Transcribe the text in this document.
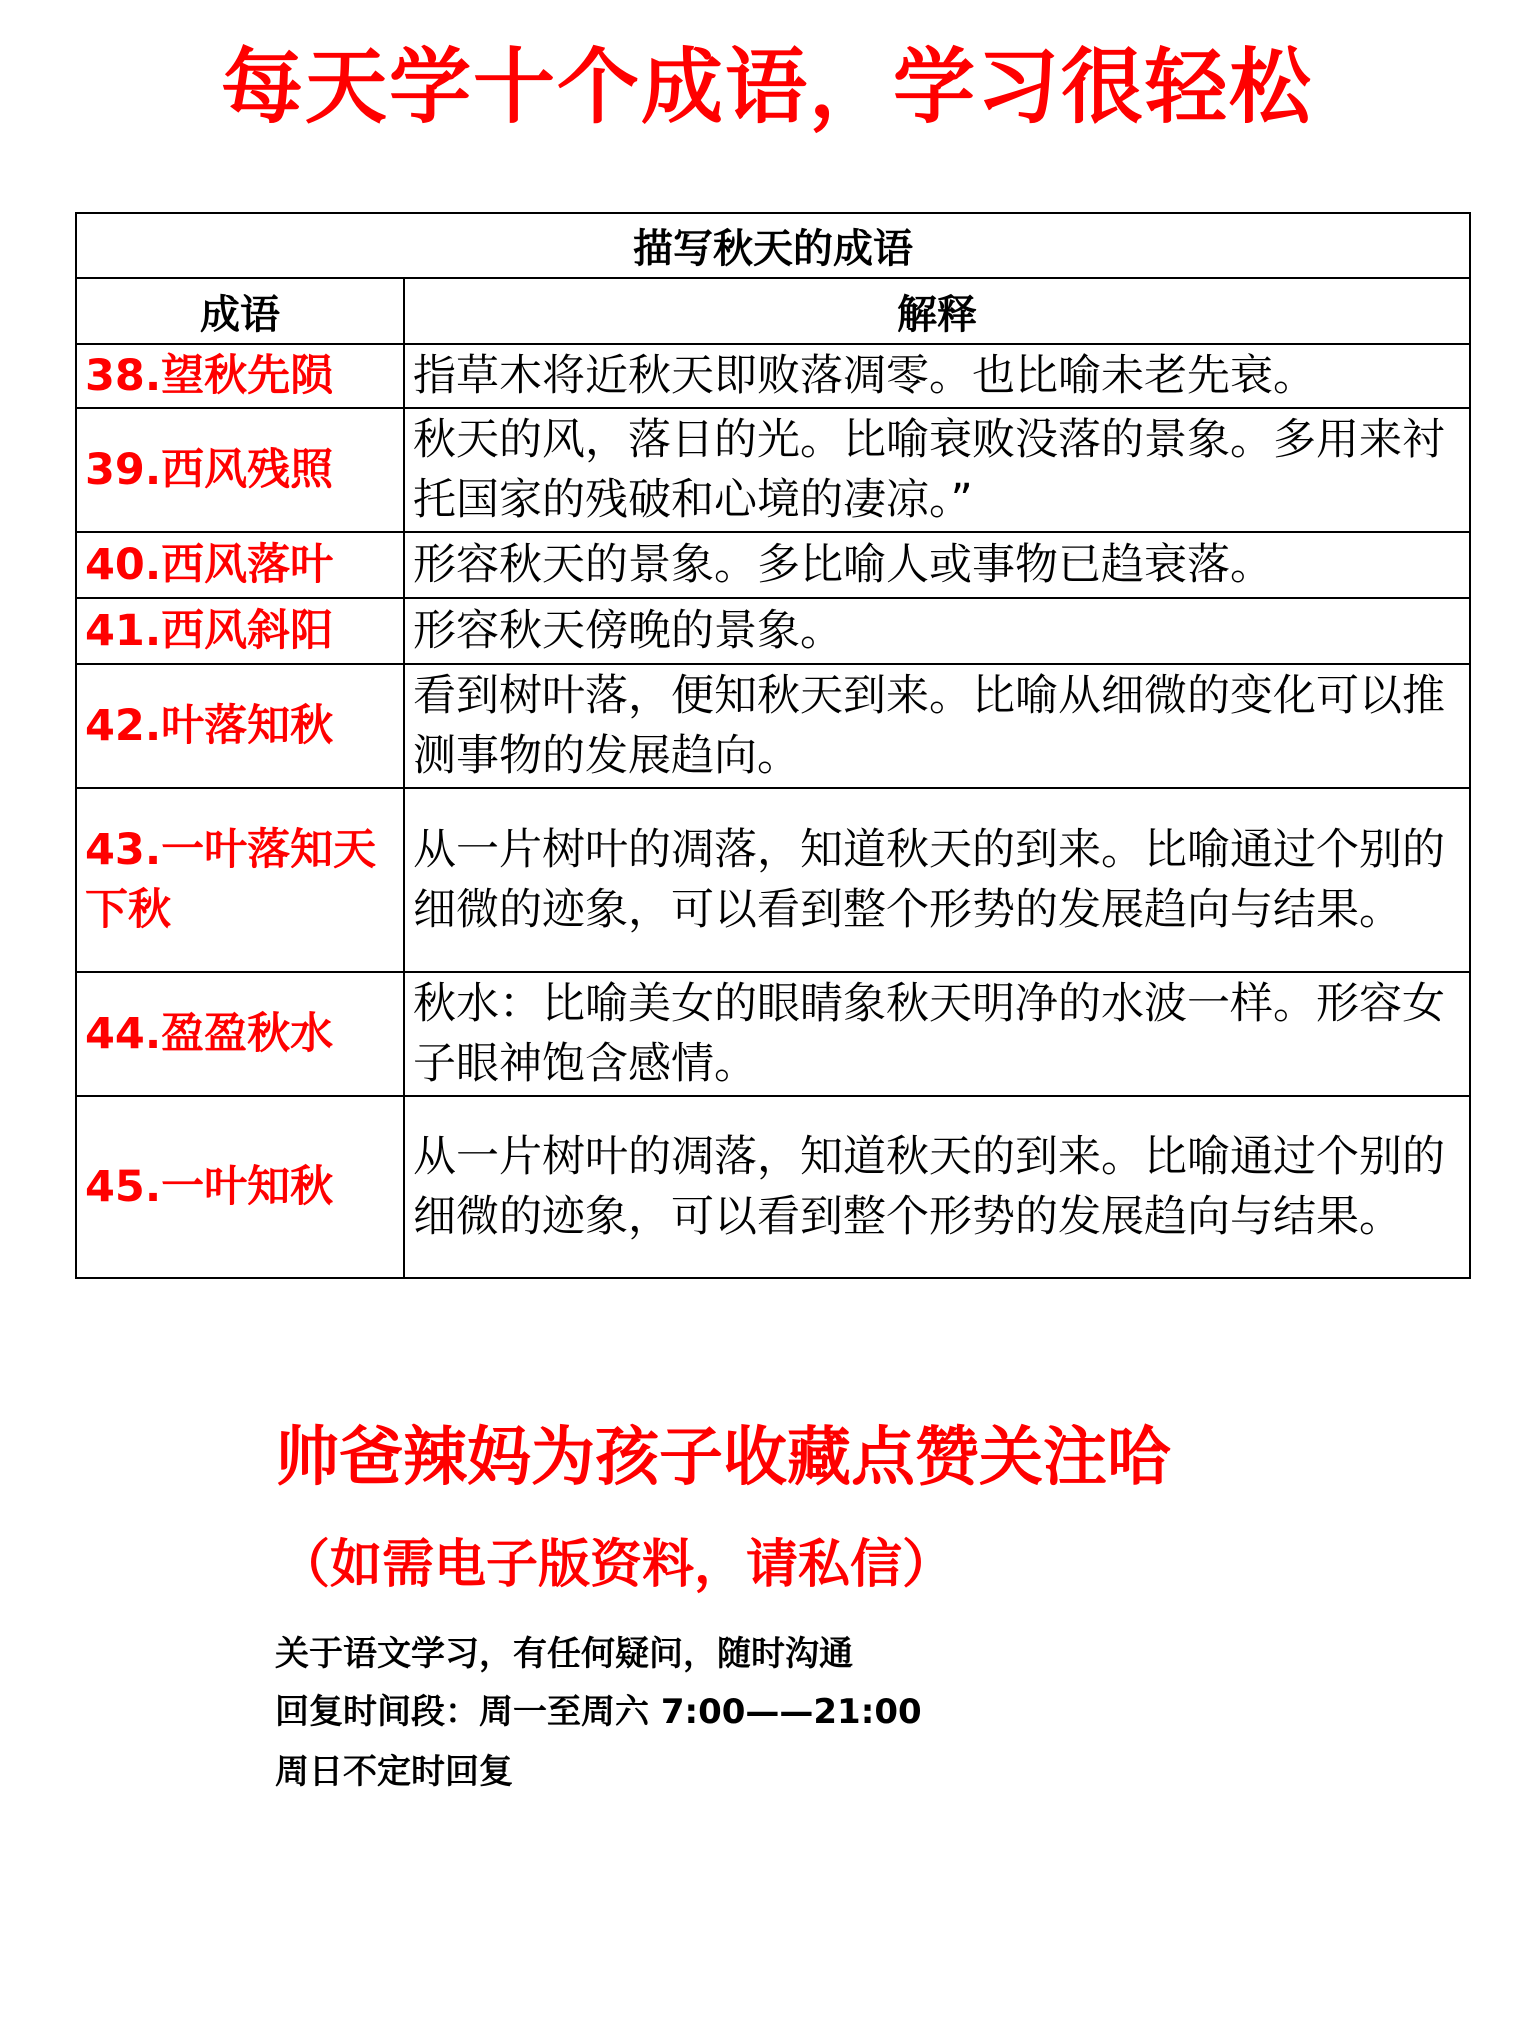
每天学十个成语，学习很轻松
描写秋天的成语	
成语	解释
38.望秋先陨	指草木将近秋天即败落凋零。也比喻未老先衰。
39.西风残照	秋天的风，落日的光。比喻衰败没落的景象。多用来衬托国家的残破和心境的凄凉。”
40.西风落叶	形容秋天的景象。多比喻人或事物已趋衰落。
41.西风斜阳	形容秋天傍晚的景象。
42.叶落知秋	看到树叶落，便知秋天到来。比喻从细微的变化可以推测事物的发展趋向。
43.一叶落知天下秋	从一片树叶的凋落，知道秋天的到来。比喻通过个别的细微的迹象，可以看到整个形势的发展趋向与结果。
44.盈盈秋水	秋水：比喻美女的眼睛象秋天明净的水波一样。形容女子眼神饱含感情。
45.一叶知秋	从一片树叶的凋落，知道秋天的到来。比喻通过个别的细微的迹象，可以看到整个形势的发展趋向与结果。
帅爸辣妈为孩子收藏点赞关注哈
（如需电子版资料，请私信）
关于语文学习，有任何疑问，随时沟通
回复时间段：周一至周六 7:00——21:00
周日不定时回复
